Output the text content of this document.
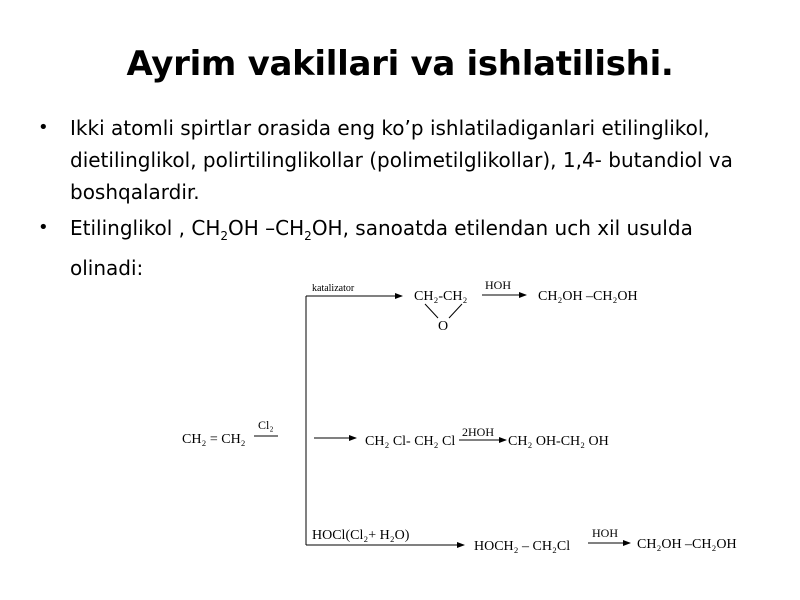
Ayrim vakillari va ishlatilishi.
• Ikki atomli spirtlar orasida eng ko’p ishlatiladiganlari etilinglikol, dietilinglikol, polirtilinglikollar (polimetilglikollar), 1,4- butandiol va boshqalardir.
• Etilinglikol , $CH_2OH$ $-CH_2OH$, sanoatda etilendan uch xil usulda olinadi:
CH₂ = CH₂
Cl₂
katalizator
CH₂-CH₂
O
HOH
CH₂OH –CH₂OH
CH₂ Cl- CH₂ Cl
2HOH
CH₂ OH-CH₂ OH
HOCl(Cl₂+ H₂O)
HOCH₂ – CH₂Cl
HOH
CH₂OH –CH₂OH
